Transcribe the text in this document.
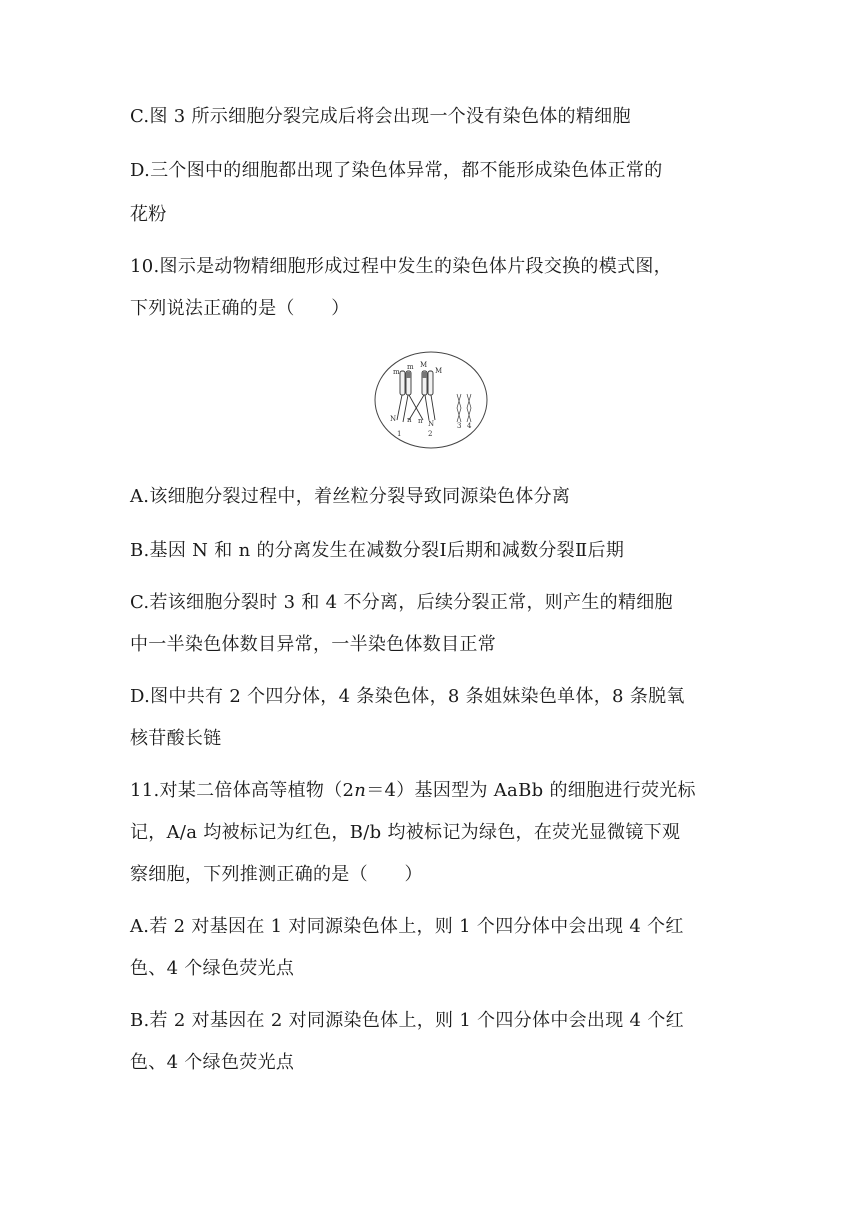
C.图 3 所示细胞分裂完成后将会出现一个没有染色体的精细胞
D.三个图中的细胞都出现了染色体异常，都不能形成染色体正常的
花粉
10.图示是动物精细胞形成过程中发生的染色体片段交换的模式图，
下列说法正确的是（　　）
m
m M
M
N n n N
1	2
3 4
A.该细胞分裂过程中，着丝粒分裂导致同源染色体分离
B.基因 N 和 n 的分离发生在减数分裂Ⅰ后期和减数分裂Ⅱ后期
C.若该细胞分裂时 3 和 4 不分离，后续分裂正常，则产生的精细胞
中一半染色体数目异常，一半染色体数目正常
D.图中共有 2 个四分体，4 条染色体，8 条姐妹染色单体，8 条脱氧
核苷酸长链
11.对某二倍体高等植物（2n＝4）基因型为 AaBb 的细胞进行荧光标
记，A/a 均被标记为红色，B/b 均被标记为绿色，在荧光显微镜下观
察细胞，下列推测正确的是（　　）
A.若 2 对基因在 1 对同源染色体上，则 1 个四分体中会出现 4 个红
色、4 个绿色荧光点
B.若 2 对基因在 2 对同源染色体上，则 1 个四分体中会出现 4 个红
色、4 个绿色荧光点
